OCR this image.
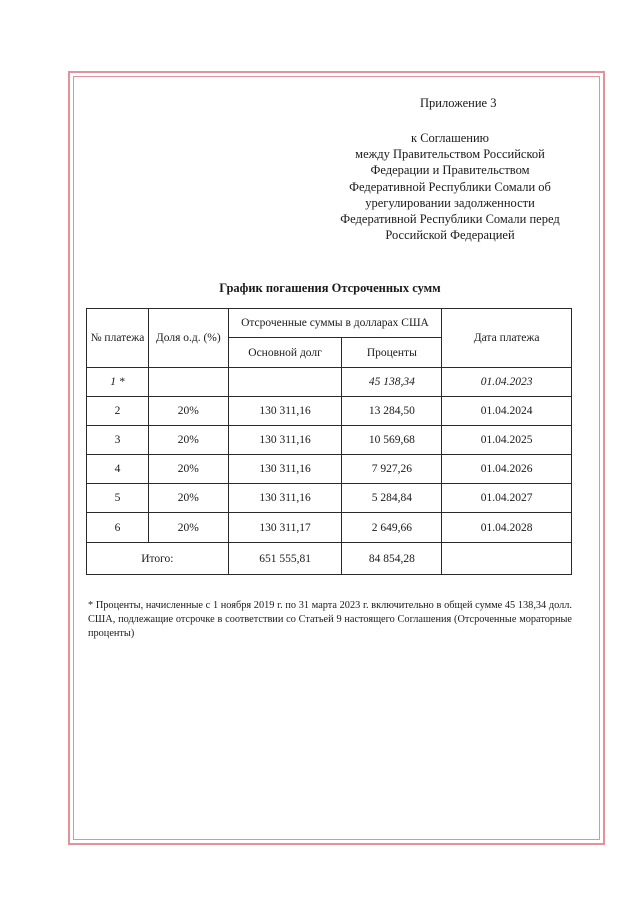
Приложение 3
к Соглашению
между Правительством Российской
Федерации и Правительством
Федеративной Республики Сомали об
урегулировании задолженности
Федеративной Республики Сомали перед
Российской Федерацией
График погашения Отсроченных сумм
№ платежа	Доля о.д. (%)	Отсроченные суммы в долларах США		Дата платежа
		Основной долг	Проценты	
1 *			45 138,34	01.04.2023
2	20%	130 311,16	13 284,50	01.04.2024
3	20%	130 311,16	10 569,68	01.04.2025
4	20%	130 311,16	7 927,26	01.04.2026
5	20%	130 311,16	5 284,84	01.04.2027
6	20%	130 311,17	2 649,66	01.04.2028
Итого:		651 555,81	84 854,28	
* Проценты, начисленные с 1 ноября 2019 г. по 31 марта 2023 г. включительно в общей сумме 45 138,34 долл. США, подлежащие отсрочке в соответствии со Статьей 9 настоящего Соглашения (Отсроченные мораторные проценты)
